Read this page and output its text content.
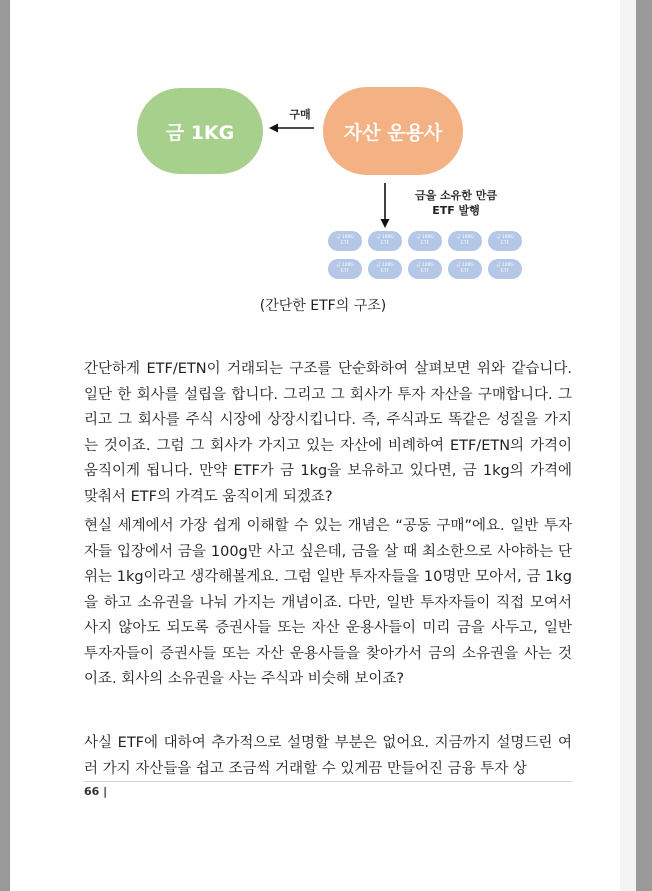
금 1KG	자산 운용사
구매
금을 소유한 만큼
ETF 발행
금 100G
ETF
금 100G
ETF
금 100G
ETF
금 100G
ETF
금 100G
ETF
금 100G
ETF
금 100G
ETF
금 100G
ETF
금 100G
ETF
금 100G
ETF
(간단한 ETF의 구조)

간단하게 ETF/ETN이 거래되는 구조를 단순화하여 살펴보면 위와 같습니다. 일단 한 회사를 설립을 합니다. 그리고 그 회사가 투자 자산을 구매합니다. 그리고 그 회사를 주식 시장에 상장시킵니다. 즉, 주식과도 똑같은 성질을 가지는 것이죠. 그럼 그 회사가 가지고 있는 자산에 비례하여 ETF/ETN의 가격이 움직이게 됩니다. 만약 ETF가 금 1kg을 보유하고 있다면, 금 1kg의 가격에 맞춰서 ETF의 가격도 움직이게 되겠죠?

현실 세계에서 가장 쉽게 이해할 수 있는 개념은 “공동 구매”에요. 일반 투자자들 입장에서 금을 100g만 사고 싶은데, 금을 살 때 최소한으로 사야하는 단위는 1kg이라고 생각해볼게요. 그럼 일반 투자자들을 10명만 모아서, 금 1kg을 하고 소유권을 나눠 가지는 개념이죠. 다만, 일반 투자자들이 직접 모여서 사지 않아도 되도록 증권사들 또는 자산 운용사들이 미리 금을 사두고, 일반 투자자들이 증권사들 또는 자산 운용사들을 찾아가서 금의 소유권을 사는 것이죠. 회사의 소유권을 사는 주식과 비슷해 보이죠?

사실 ETF에 대하여 추가적으로 설명할 부분은 없어요. 지금까지 설명드린 여러 가지 자산들을 쉽고 조금씩 거래할 수 있게끔 만들어진 금융 투자 상

66 |
